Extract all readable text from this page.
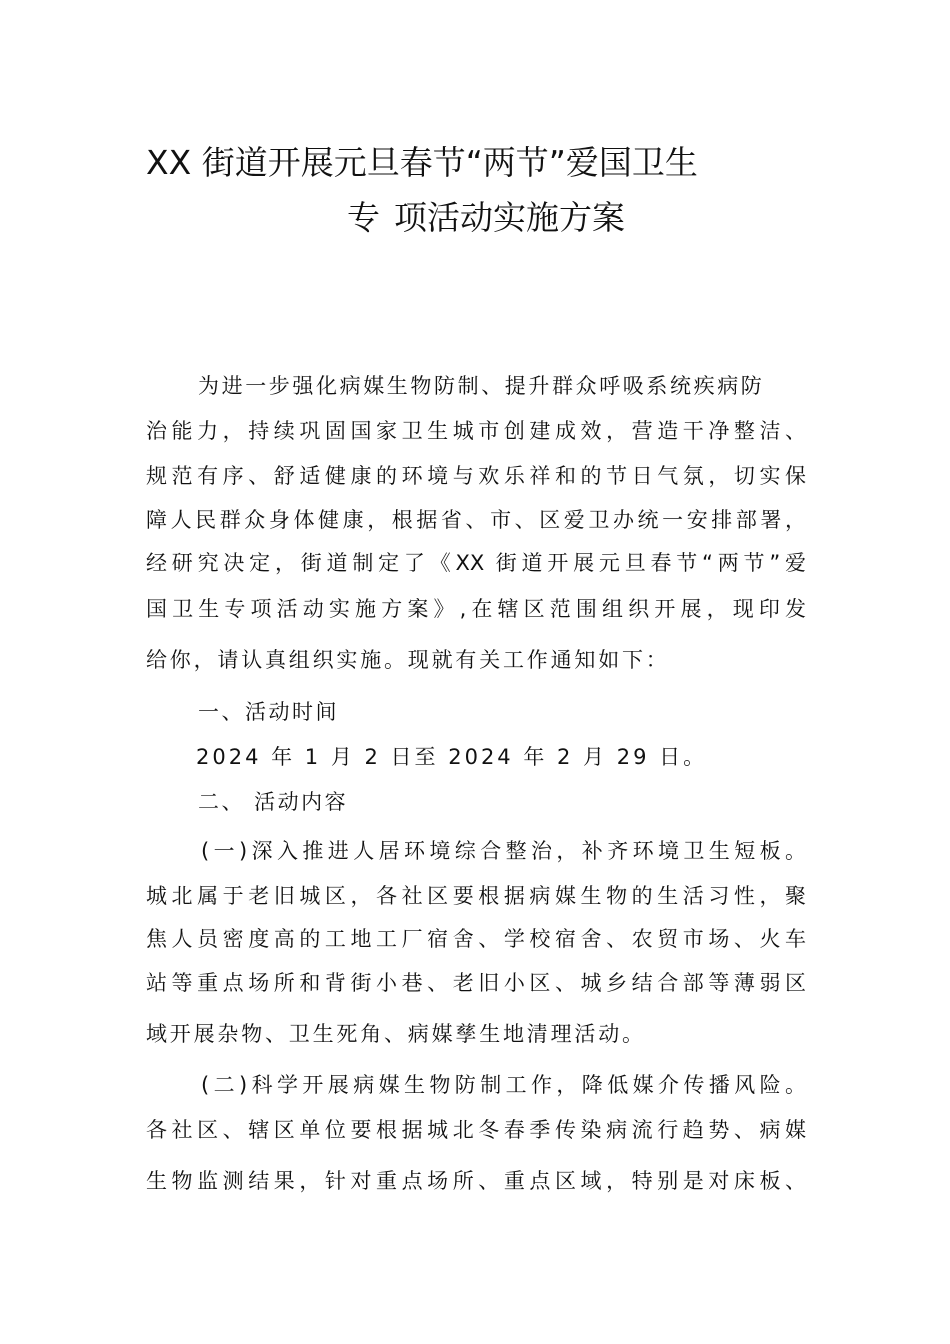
XX 街道开展元旦春节“两节”爱国卫生
专 项活动实施方案
为进一步强化病媒生物防制、提升群众呼吸系统疾病防
治能力，持续巩固国家卫生城市创建成效，营造干净整洁、
规范有序、舒适健康的环境与欢乐祥和的节日气氛，切实保
障人民群众身体健康，根据省、市、区爱卫办统一安排部署，
经研究决定，街道制定了《XX 街道开展元旦春节“两节”爱
国卫生专项活动实施方案》,在辖区范围组织开展，现印发
给你，请认真组织实施。现就有关工作通知如下：
一、活动时间
2024 年 1 月 2 日至 2024 年 2 月 29 日。
二、 活动内容
(一)深入推进人居环境综合整治，补齐环境卫生短板。
城北属于老旧城区，各社区要根据病媒生物的生活习性，聚
焦人员密度高的工地工厂宿舍、学校宿舍、农贸市场、火车
站等重点场所和背街小巷、老旧小区、城乡结合部等薄弱区
域开展杂物、卫生死角、病媒孳生地清理活动。
(二)科学开展病媒生物防制工作，降低媒介传播风险。
各社区、辖区单位要根据城北冬春季传染病流行趋势、病媒
生物监测结果，针对重点场所、重点区域，特别是对床板、
